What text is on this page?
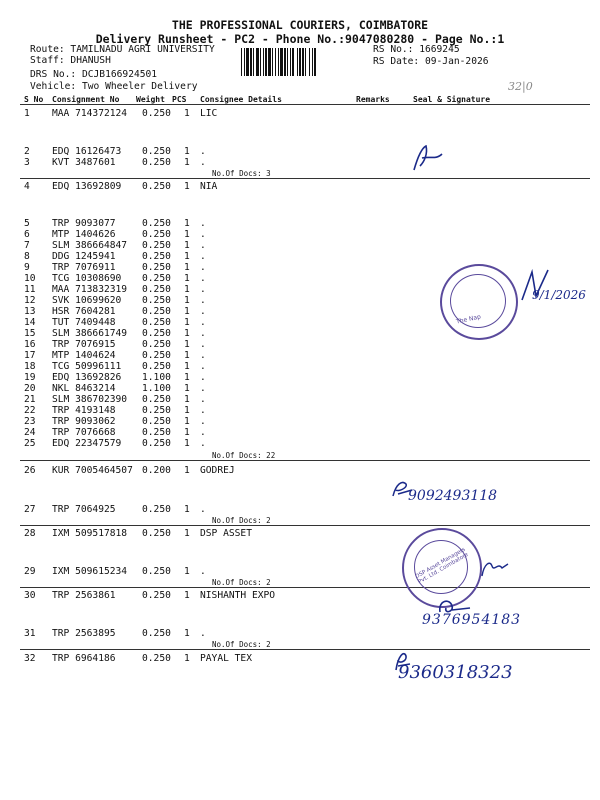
THE PROFESSIONAL COURIERS, COIMBATORE
Delivery Runsheet - PC2 - Phone No.:9047080280 - Page No.:1
Route: TAMILNADU AGRI UNIVERSITY
Staff: DHANUSH
DRS No.: DCJB166924501
Vehicle: Two Wheeler Delivery
RS No.: 1669245
RS Date: 09-Jan-2026
32|0
S No Consignment No Weight PCS Consignee Details	Remarks	Seal & Signature
1 MAA 714372124 0.250 1 LIC
2 EDQ 16126473 0.250 1 .
3 KVT 3487601	0.250 1 .
No.Of Docs: 3
4 EDQ 13692809 0.250 1 NIA
5 TRP 9093077	0.250 1 .
6 MTP 1404626	0.250 1 .
7 SLM 386664847 0.250 1 .
8 DDG 1245941	0.250 1 .
9 TRP 7076911	0.250 1 .
10 TCG 10308690 0.250 1 .
11 MAA 713832319 0.250 1 .
12 SVK 10699620 0.250 1 .
13 HSR 7604281	0.250 1 .
14 TUT 7409448	0.250 1 .
15 SLM 386661749 0.250 1 .
16 TRP 7076915	0.250 1 .
17 MTP 1404624	0.250 1 .
18 TCG 50996111 0.250 1 .
19 EDQ 13692826 1.100 1 .
20 NKL 8463214	1.100 1 .
21 SLM 386702390 0.250 1 .
22 TRP 4193148	0.250 1 .
23 TRP 9093062	0.250 1 .
24 TRP 7076668	0.250 1 .
25 EDQ 22347579 0.250 1 .
No.Of Docs: 22
26 KUR 7005464507 0.200 1 GODREJ
27 TRP 7064925	0.250 1 .
No.Of Docs: 2
28 IXM 509517818 0.250 1 DSP ASSET
29 IXM 509615234 0.250 1 .
No.Of Docs: 2
30 TRP 2563861	0.250 1 NISHANTH EXPO
31 TRP 2563895	0.250 1 .
No.Of Docs: 2
32 TRP 6964186	0.250 1 PAYAL TEX
The Nap
9/1/2026
9092493118
DSP Asset Managers Pvt. Ltd. Coimbatore
9376954183
9360318323
